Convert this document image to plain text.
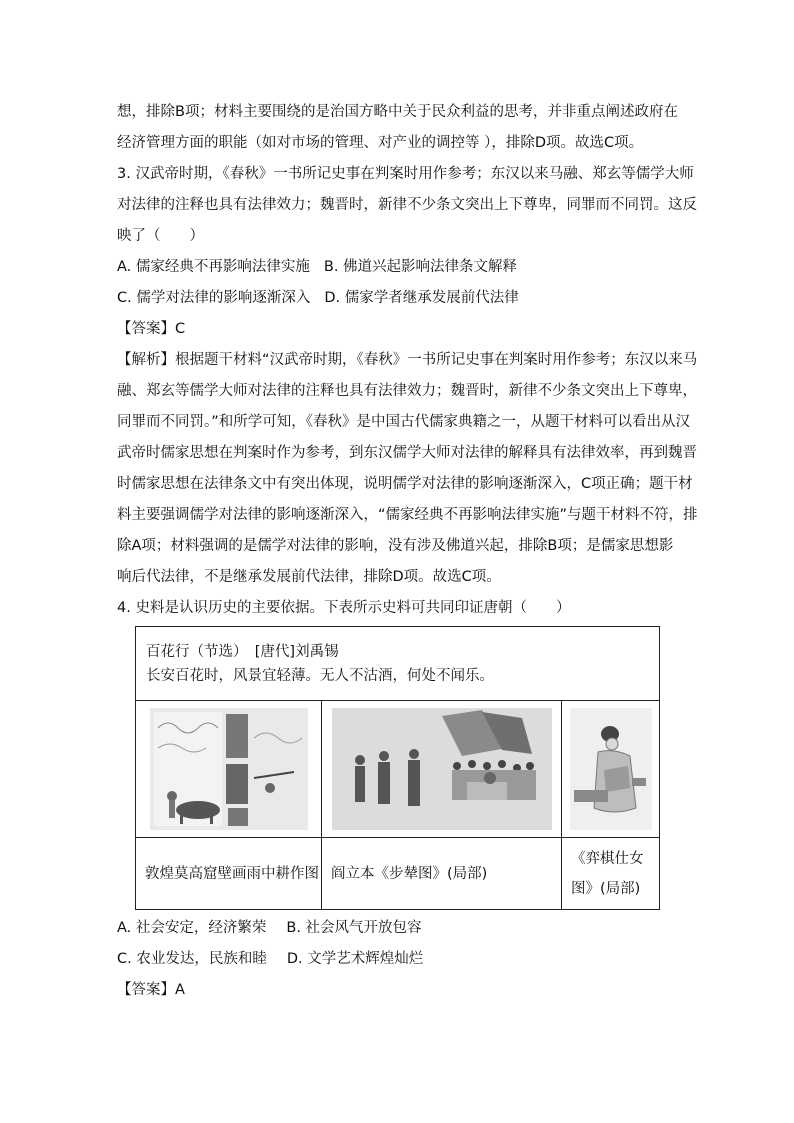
想，排除B项；材料主要围绕的是治国方略中关于民众利益的思考，并非重点阐述政府在
经济管理方面的职能（如对市场的管理、对产业的调控等 ），排除D项。故选C项。
3. 汉武帝时期，《春秋》一书所记史事在判案时用作参考；东汉以来马融、郑玄等儒学大师
对法律的注释也具有法律效力；魏晋时，新律不少条文突出上下尊卑，同罪而不同罚。这反
映了（　　）
A. 儒家经典不再影响法律实施 B. 佛道兴起影响法律条文解释
C. 儒学对法律的影响逐渐深入 D. 儒家学者继承发展前代法律
【答案】C
【解析】根据题干材料“汉武帝时期，《春秋》一书所记史事在判案时用作参考；东汉以来马
融、郑玄等儒学大师对法律的注释也具有法律效力；魏晋时，新律不少条文突出上下尊卑，
同罪而不同罚。”和所学可知，《春秋》是中国古代儒家典籍之一，从题干材料可以看出从汉
武帝时儒家思想在判案时作为参考，到东汉儒学大师对法律的解释具有法律效率，再到魏晋
时儒家思想在法律条文中有突出体现，说明儒学对法律的影响逐渐深入，C项正确；题干材
料主要强调儒学对法律的影响逐渐深入，“儒家经典不再影响法律实施”与题干材料不符，排
除A项；材料强调的是儒学对法律的影响，没有涉及佛道兴起，排除B项；是儒家思想影
响后代法律，不是继承发展前代法律，排除D项。故选C项。
4. 史料是认识历史的主要依据。下表所示史料可共同印证唐朝（　　）
百花行（节选）　[唐代]刘禹锡
长安百花时，风景宜轻薄。无人不沽酒，何处不闻乐。		

敦煌莫高窟壁画雨中耕作图	阎立本《步辇图》(局部)	《弈棋仕女图》(局部)
A. 社会安定，经济繁荣 B. 社会风气开放包容
C. 农业发达，民族和睦 D. 文学艺术辉煌灿烂
【答案】A
